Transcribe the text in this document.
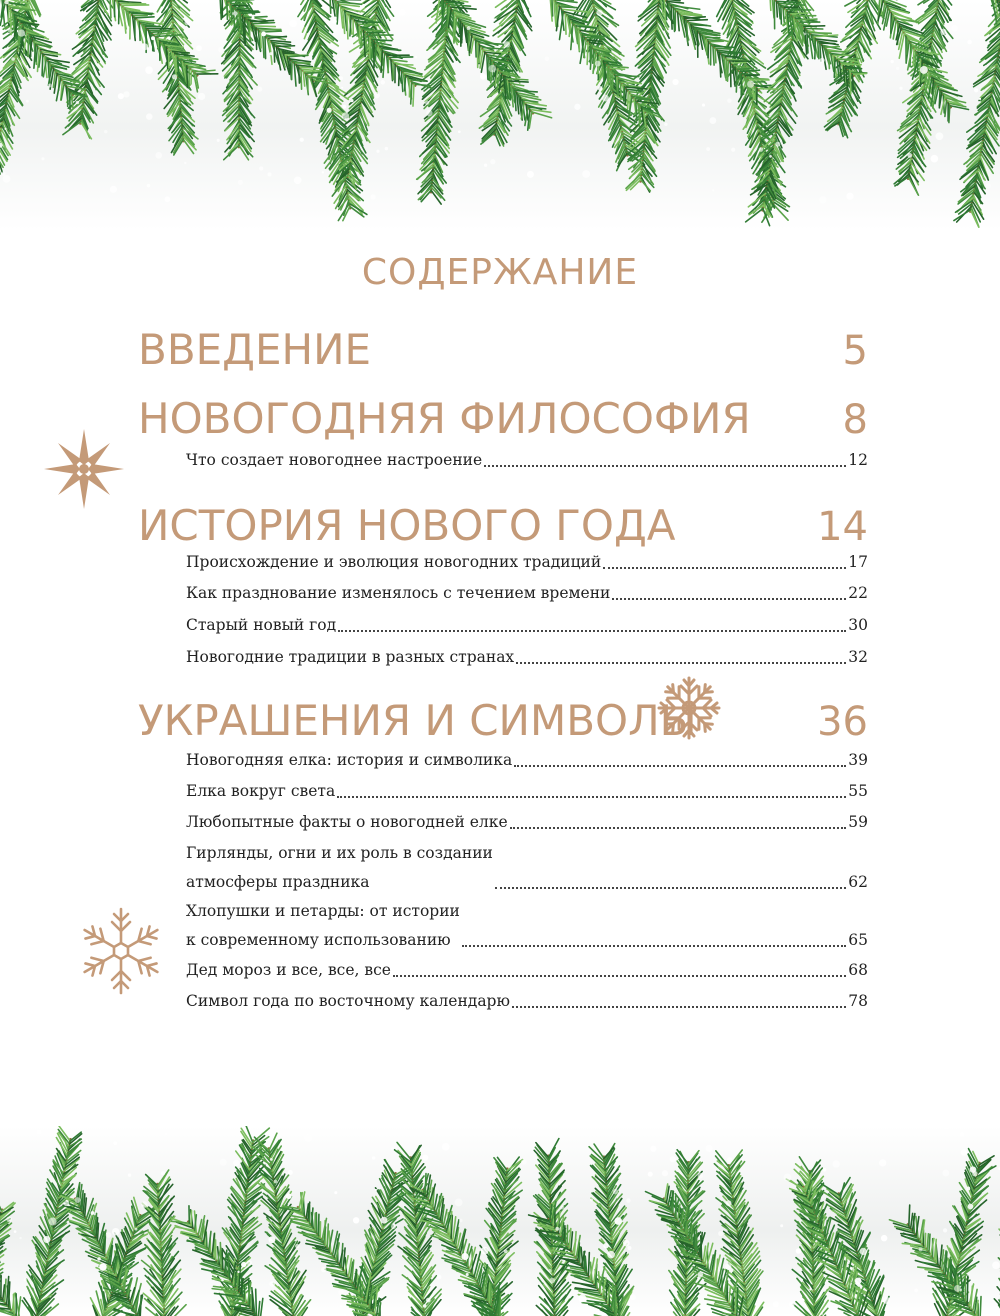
СОДЕРЖАНИЕ
ВВЕДЕНИЕ	5
НОВОГОДНЯЯ ФИЛОСОФИЯ 8
Что создает новогоднее настроение	12
ИСТОРИЯ НОВОГО ГОДА	14
Происхождение и эволюция новогодних традиций	17
Как празднование изменялось с течением времени	22
Старый новый год	30
Новогодние традиции в разных странах	32
УКРАШЕНИЯ И СИМВОЛЫ	36
Новогодняя елка: история и символика	39
Елка вокруг света	55
Любопытные факты о новогодней елке	59
Гирлянды, огни и их роль в создании
атмосферы праздника	62
Хлопушки и петарды: от истории
к современному использованию	65
Дед мороз и все, все, все	68
Символ года по восточному календарю	78
